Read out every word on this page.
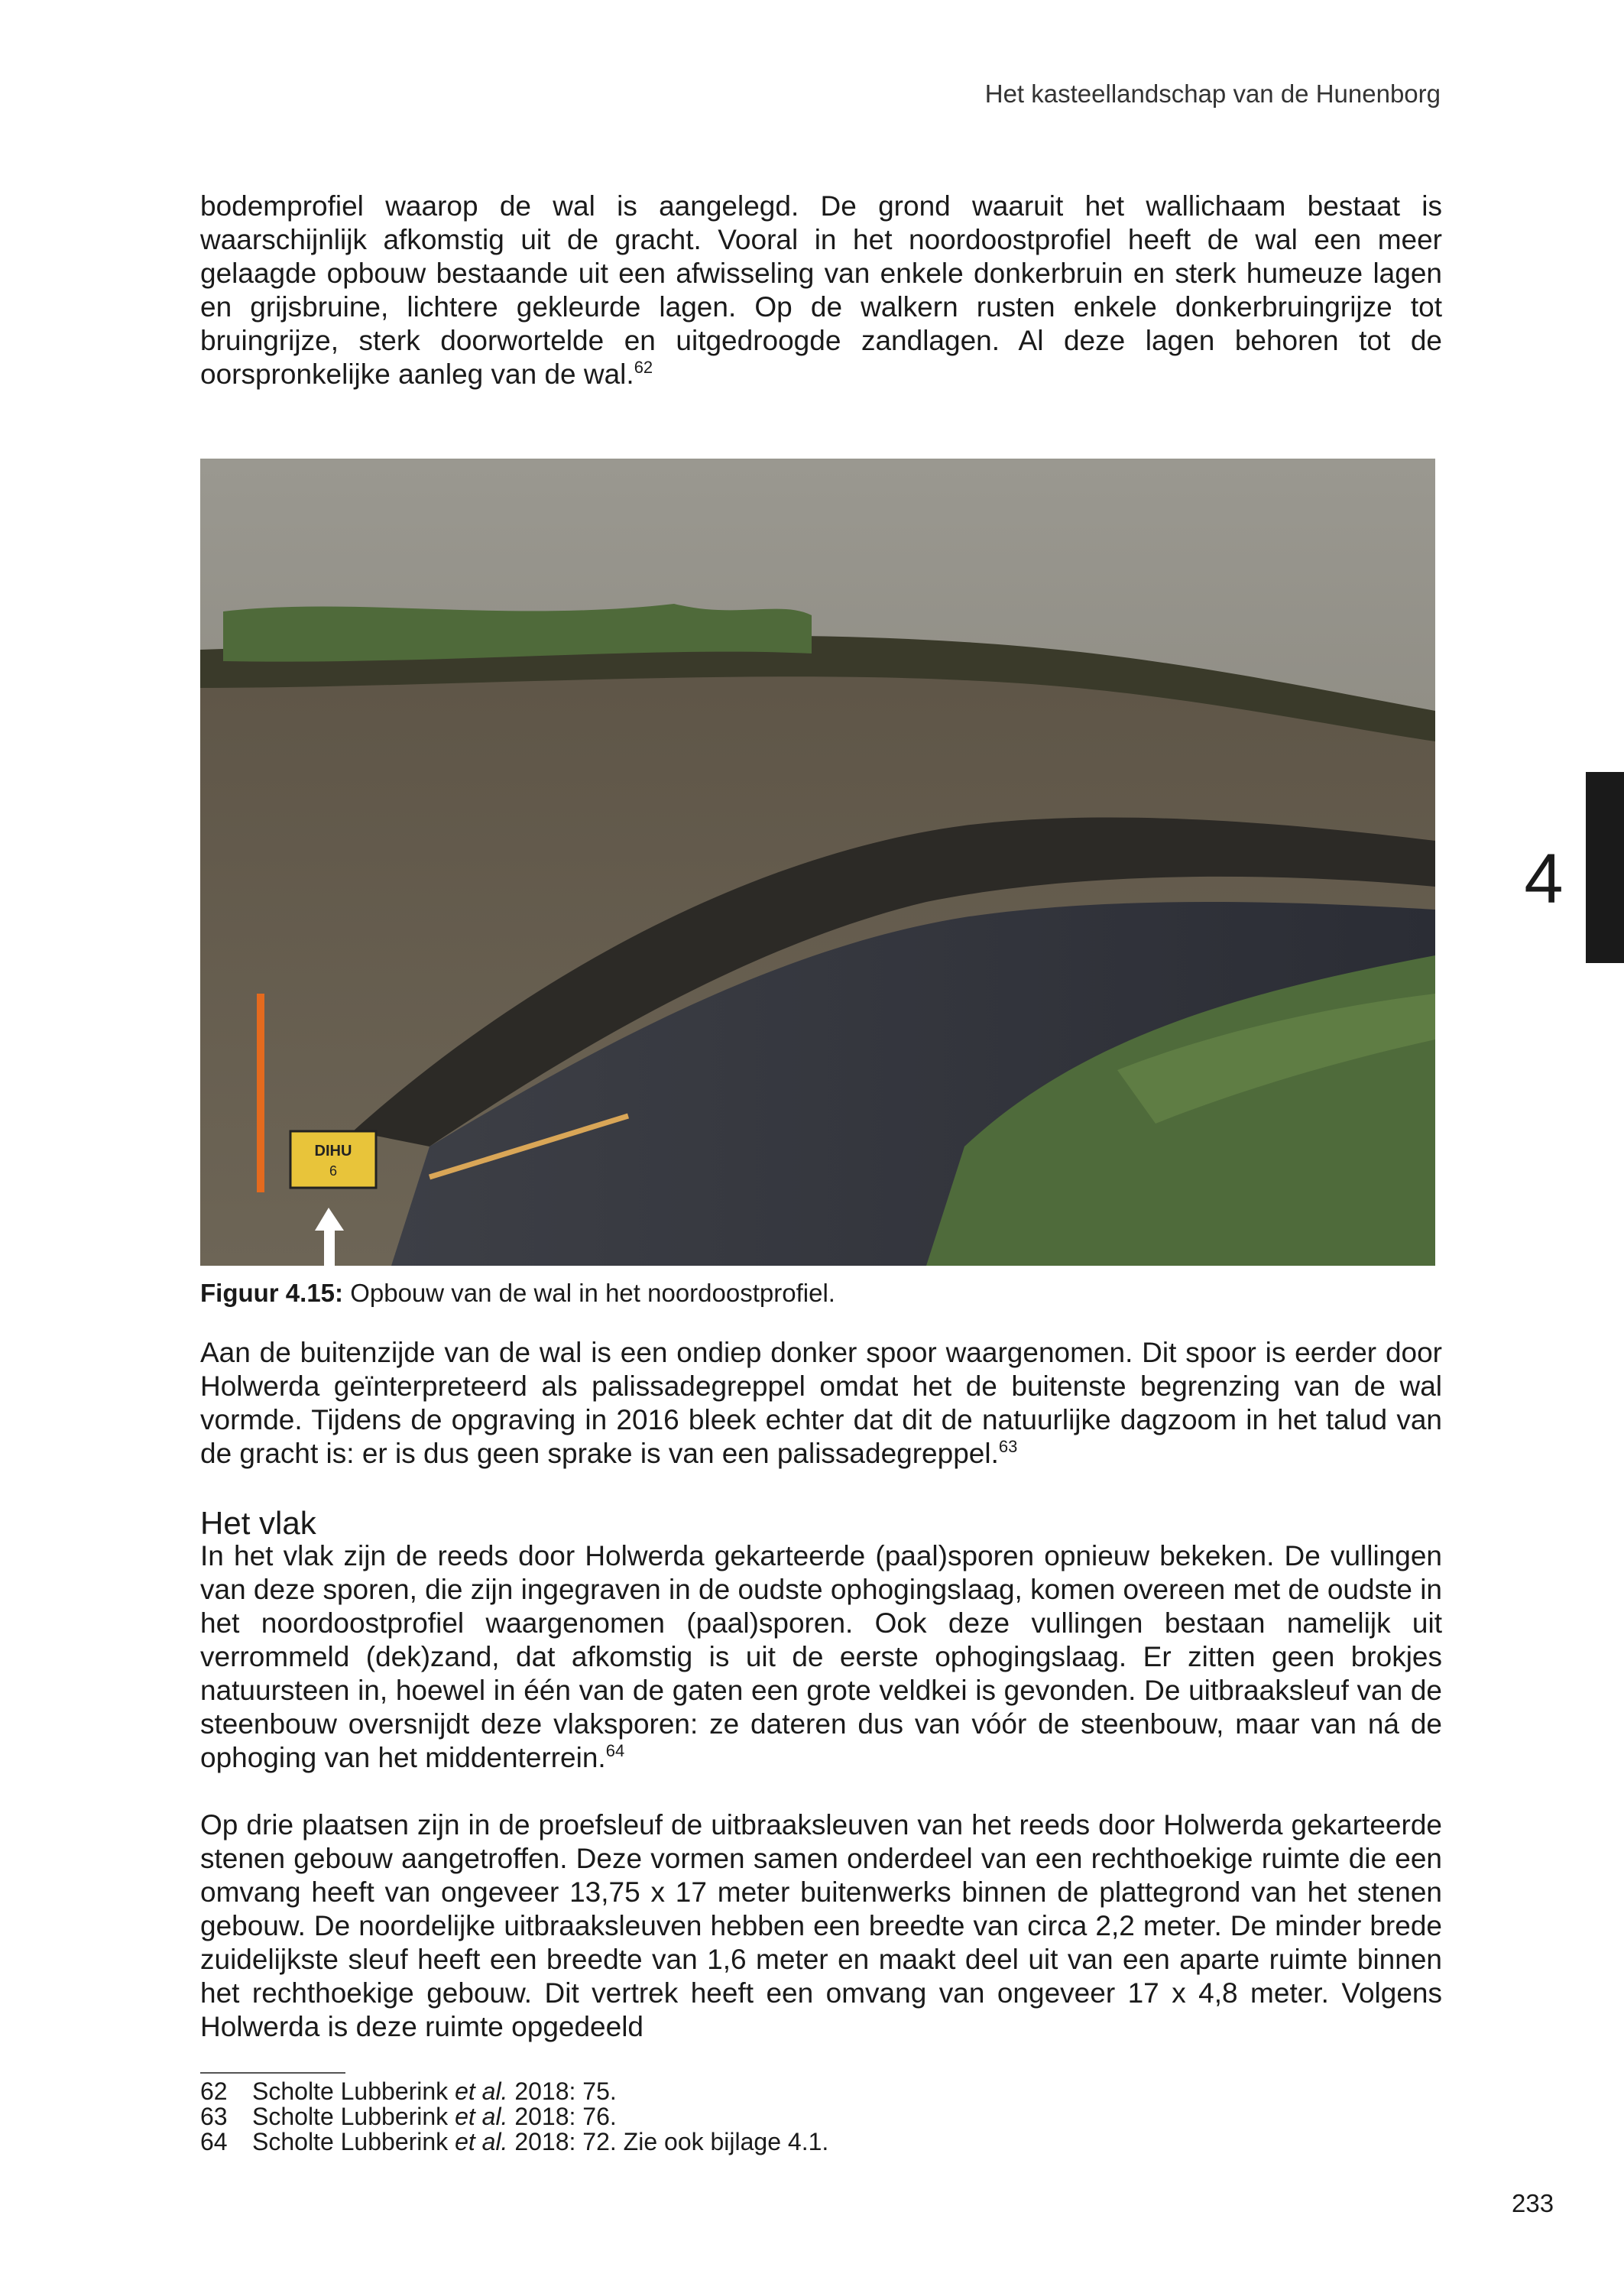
Het kasteellandschap van de Hunenborg
4

bodemprofiel waarop de wal is aangelegd. De grond waaruit het wallichaam bestaat is waarschijnlijk afkomstig uit de gracht. Vooral in het noordoostprofiel heeft de wal een meer gelaagde opbouw bestaande uit een afwisseling van enkele donkerbruin en sterk humeuze lagen en grijsbruine, lichtere gekleurde lagen. Op de walkern rusten enkele donkerbruingrijze tot bruingrijze, sterk doorwortelde en uitgedroogde zandlagen. Al deze lagen behoren tot de oorspronkelijke aanleg van de wal.$^{62}$

DIHU
6
Figuur 4.15: Opbouw van de wal in het noordoostprofiel.

Aan de buitenzijde van de wal is een ondiep donker spoor waargenomen. Dit spoor is eerder door Holwerda geïnterpreteerd als palissadegreppel omdat het de buitenste begrenzing van de wal vormde. Tijdens de opgraving in 2016 bleek echter dat dit de natuurlijke dagzoom in het talud van de gracht is: er is dus geen sprake is van een palissadegreppel.$^{63}$

Het vlak

In het vlak zijn de reeds door Holwerda gekarteerde (paal)sporen opnieuw bekeken. De vullingen van deze sporen, die zijn ingegraven in de oudste ophogingslaag, komen overeen met de oudste in het noordoostprofiel waargenomen (paal)sporen. Ook deze vullingen bestaan namelijk uit verrommeld (dek)zand, dat afkomstig is uit de eerste ophogingslaag. Er zitten geen brokjes natuursteen in, hoewel in één van de gaten een grote veldkei is gevonden. De uitbraaksleuf van de steenbouw oversnijdt deze vlaksporen: ze dateren dus van vóór de steenbouw, maar van ná de ophoging van het middenterrein.$^{64}$

Op drie plaatsen zijn in de proefsleuf de uitbraaksleuven van het reeds door Holwerda gekarteerde stenen gebouw aangetroffen. Deze vormen samen onderdeel van een rechthoekige ruimte die een omvang heeft van ongeveer 13,75 x 17 meter buitenwerks binnen de plattegrond van het stenen gebouw. De noordelijke uitbraaksleuven hebben een breedte van circa 2,2 meter. De minder brede zuidelijkste sleuf heeft een breedte van 1,6 meter en maakt deel uit van een aparte ruimte binnen het rechthoekige gebouw. Dit vertrek heeft een omvang van ongeveer 17 x 4,8 meter. Volgens Holwerda is deze ruimte opgedeeld

62 Scholte Lubberink et al. 2018: 75.
63 Scholte Lubberink et al. 2018: 76.
64 Scholte Lubberink et al. 2018: 72. Zie ook bijlage 4.1.
233
